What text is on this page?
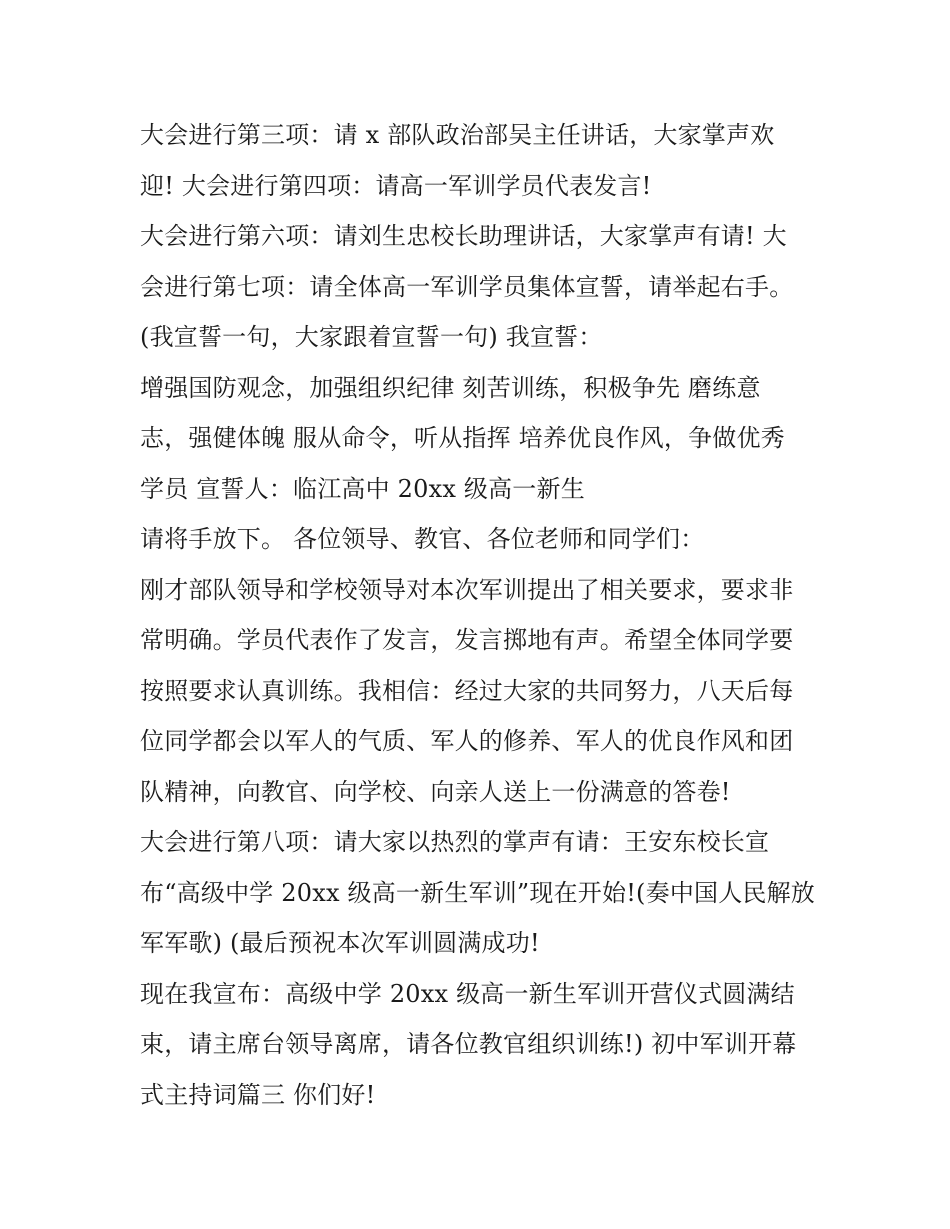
大会进行第三项：请 x 部队政治部吴主任讲话，大家掌声欢
迎! 大会进行第四项：请高一军训学员代表发言!
大会进行第六项：请刘生忠校长助理讲话，大家掌声有请! 大
会进行第七项：请全体高一军训学员集体宣誓，请举起右手。
(我宣誓一句，大家跟着宣誓一句) 我宣誓：
增强国防观念，加强组织纪律 刻苦训练，积极争先 磨练意
志，强健体魄 服从命令，听从指挥 培养优良作风，争做优秀
学员 宣誓人：临江高中 20xx 级高一新生
请将手放下。 各位领导、教官、各位老师和同学们：
刚才部队领导和学校领导对本次军训提出了相关要求，要求非
常明确。学员代表作了发言，发言掷地有声。希望全体同学要
按照要求认真训练。我相信：经过大家的共同努力，八天后每
位同学都会以军人的气质、军人的修养、军人的优良作风和团
队精神，向教官、向学校、向亲人送上一份满意的答卷!
大会进行第八项：请大家以热烈的掌声有请：王安东校长宣
布“高级中学 20xx 级高一新生军训”现在开始!(奏中国人民解放
军军歌) (最后预祝本次军训圆满成功!
现在我宣布：高级中学 20xx 级高一新生军训开营仪式圆满结
束，请主席台领导离席，请各位教官组织训练!) 初中军训开幕
式主持词篇三 你们好!
